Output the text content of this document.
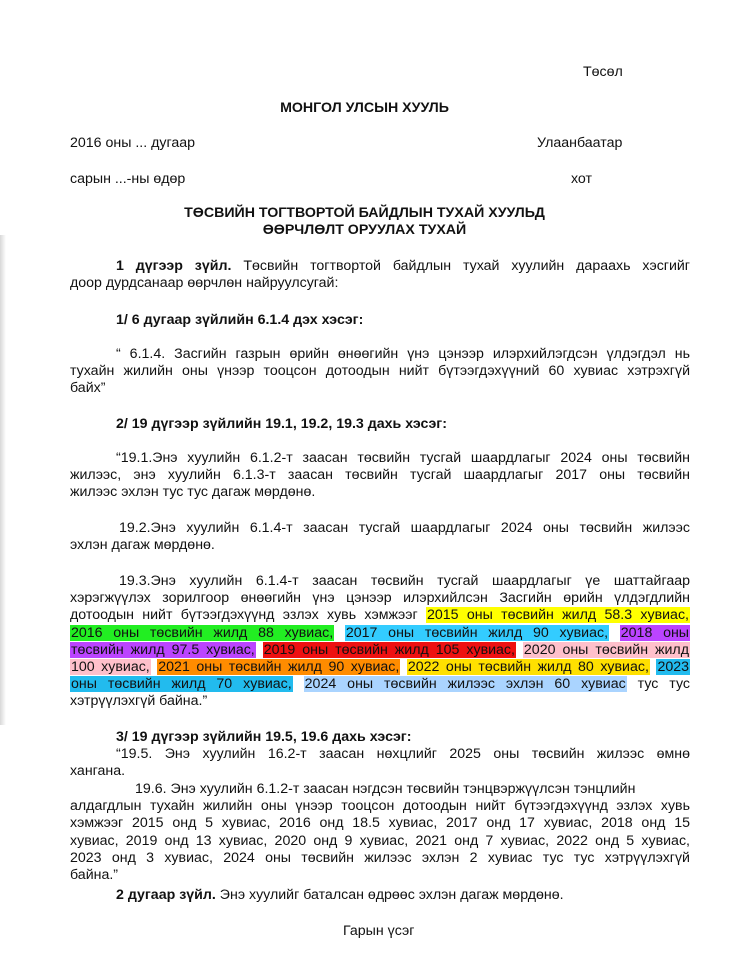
Төсөл
МОНГОЛ УЛСЫН ХУУЛЬ
2016 оны ... дугаар	Улаанбаатар
сарын ...-ны өдөр	хот
ТӨСВИЙН ТОГТВОРТОЙ БАЙДЛЫН ТУХАЙ ХУУЛЬД
ӨӨРЧЛӨЛТ ОРУУЛАХ ТУХАЙ
1 дүгээр зүйл. Төсвийн тогтвортой байдлын тухай хуулийн дараахь хэсгийг
доор дурдсанаар өөрчлөн найруулсугай:
1/ 6 дугаар зүйлийн 6.1.4 дэх хэсэг:
“ 6.1.4. Засгийн газрын өрийн өнөөгийн үнэ цэнээр илэрхийлэгдсэн үлдэгдэл нь
тухайн жилийн оны үнээр тооцсон дотоодын нийт бүтээгдэхүүний 60 хувиас хэтрэхгүй
байх”
2/ 19 дүгээр зүйлийн 19.1, 19.2, 19.3 дахь хэсэг:
“19.1.Энэ хуулийн 6.1.2-т заасан төсвийн тусгай шаардлагыг 2024 оны төсвийн
жилээс, энэ хуулийн 6.1.3-т заасан төсвийн тусгай шаардлагыг 2017 оны төсвийн
жилээс эхлэн тус тус дагаж мөрдөнө.
19.2.Энэ хуулийн 6.1.4-т заасан тусгай шаардлагыг 2024 оны төсвийн жилээс
эхлэн дагаж мөрдөнө.
19.3.Энэ хуулийн 6.1.4-т заасан төсвийн тусгай шаардлагыг үе шаттайгаар
хэрэгжүүлэх зорилгоор өнөөгийн үнэ цэнээр илэрхийлсэн Засгийн өрийн үлдэгдлийн
дотоодын нийт бүтээгдэхүүнд эзлэх хувь хэмжээг 2015 оны төсвийн жилд 58.3 хувиас,
2016 оны төсвийн жилд 88 хувиас, 2017 оны төсвийн жилд 90 хувиас, 2018 оны
төсвийн жилд 97.5 хувиас, 2019 оны төсвийн жилд 105 хувиас, 2020 оны төсвийн жилд
100 хувиас, 2021 оны төсвийн жилд 90 хувиас, 2022 оны төсвийн жилд 80 хувиас, 2023
оны төсвийн жилд 70 хувиас, 2024 оны төсвийн жилээс эхлэн 60 хувиас тус тус
хэтрүүлэхгүй байна.”
3/ 19 дүгээр зүйлийн 19.5, 19.6 дахь хэсэг:
“19.5. Энэ хуулийн 16.2-т заасан нөхцлийг 2025 оны төсвийн жилээс өмнө
хангана.
19.6. Энэ хуулийн 6.1.2-т заасан нэгдсэн төсвийн тэнцвэржүүлсэн тэнцлийн
алдагдлын тухайн жилийн оны үнээр тооцсон дотоодын нийт бүтээгдэхүүнд эзлэх хувь
хэмжээг 2015 онд 5 хувиас, 2016 онд 18.5 хувиас, 2017 онд 17 хувиас, 2018 онд 15
хувиас, 2019 онд 13 хувиас, 2020 онд 9 хувиас, 2021 онд 7 хувиас, 2022 онд 5 хувиас,
2023 онд 3 хувиас, 2024 оны төсвийн жилээс эхлэн 2 хувиас тус тус хэтрүүлэхгүй
байна.”
2 дугаар зүйл. Энэ хуулийг баталсан өдрөөс эхлэн дагаж мөрдөнө.
Гарын үсэг
